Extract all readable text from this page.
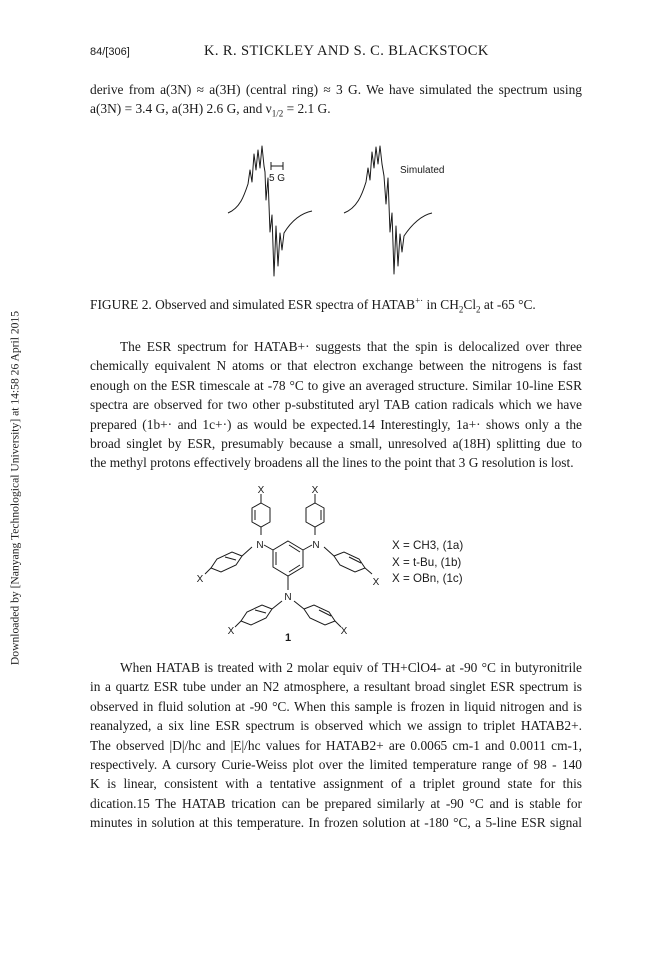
84/[306]	K. R. STICKLEY AND S. C. BLACKSTOCK
Downloaded by [Nanyang Technological University] at 14:58 26 April 2015
derive from a(3N) ≈ a(3H) (central ring) ≈ 3 G. We have simulated the spectrum using
a(3N) = 3.4 G, a(3H) 2.6 G, and $\nu_{1/2} = 2.1$ G.
5 G
Simulated
FIGURE 2. Observed and simulated ESR spectra of HATAB+· in $CH_2Cl_2$ at -65 °C.
The ESR spectrum for HATAB+· suggests that the spin is delocalized over three
chemically equivalent N atoms or that electron exchange between the nitrogens is fast
enough on the ESR timescale at -78 °C to give an averaged structure. Similar 10-line ESR
spectra are observed for two other p-substituted aryl TAB cation radicals which we have
prepared (1b+· and 1c+·) as would be expected.14 Interestingly, 1a+· shows only a the
broad singlet by ESR, presumably because a small, unresolved a(18H) splitting due to
the methyl protons effectively broadens all the lines to the point that 3 G resolution is lost.
X	X
X	X
X	X
N	N
N
1
X = CH3, (1a)
X = t-Bu, (1b)
X = OBn, (1c)
When HATAB is treated with 2 molar equiv of TH+ClO4- at -90 °C in butyronitrile
in a quartz ESR tube under an N2 atmosphere, a resultant broad singlet ESR spectrum is
observed in fluid solution at -90 °C. When this sample is frozen in liquid nitrogen and is
reanalyzed, a six line ESR spectrum is observed which we assign to triplet HATAB2+.
The observed |D|/hc and |E|/hc values for HATAB2+ are 0.0065 cm-1 and 0.0011 cm-1,
respectively. A cursory Curie-Weiss plot over the limited temperature range of 98 - 140
K is linear, consistent with a tentative assignment of a triplet ground state for this
dication.15 The HATAB trication can be prepared similarly at -90 °C and is stable for
minutes in solution at this temperature. In frozen solution at -180 °C, a 5-line ESR signal
